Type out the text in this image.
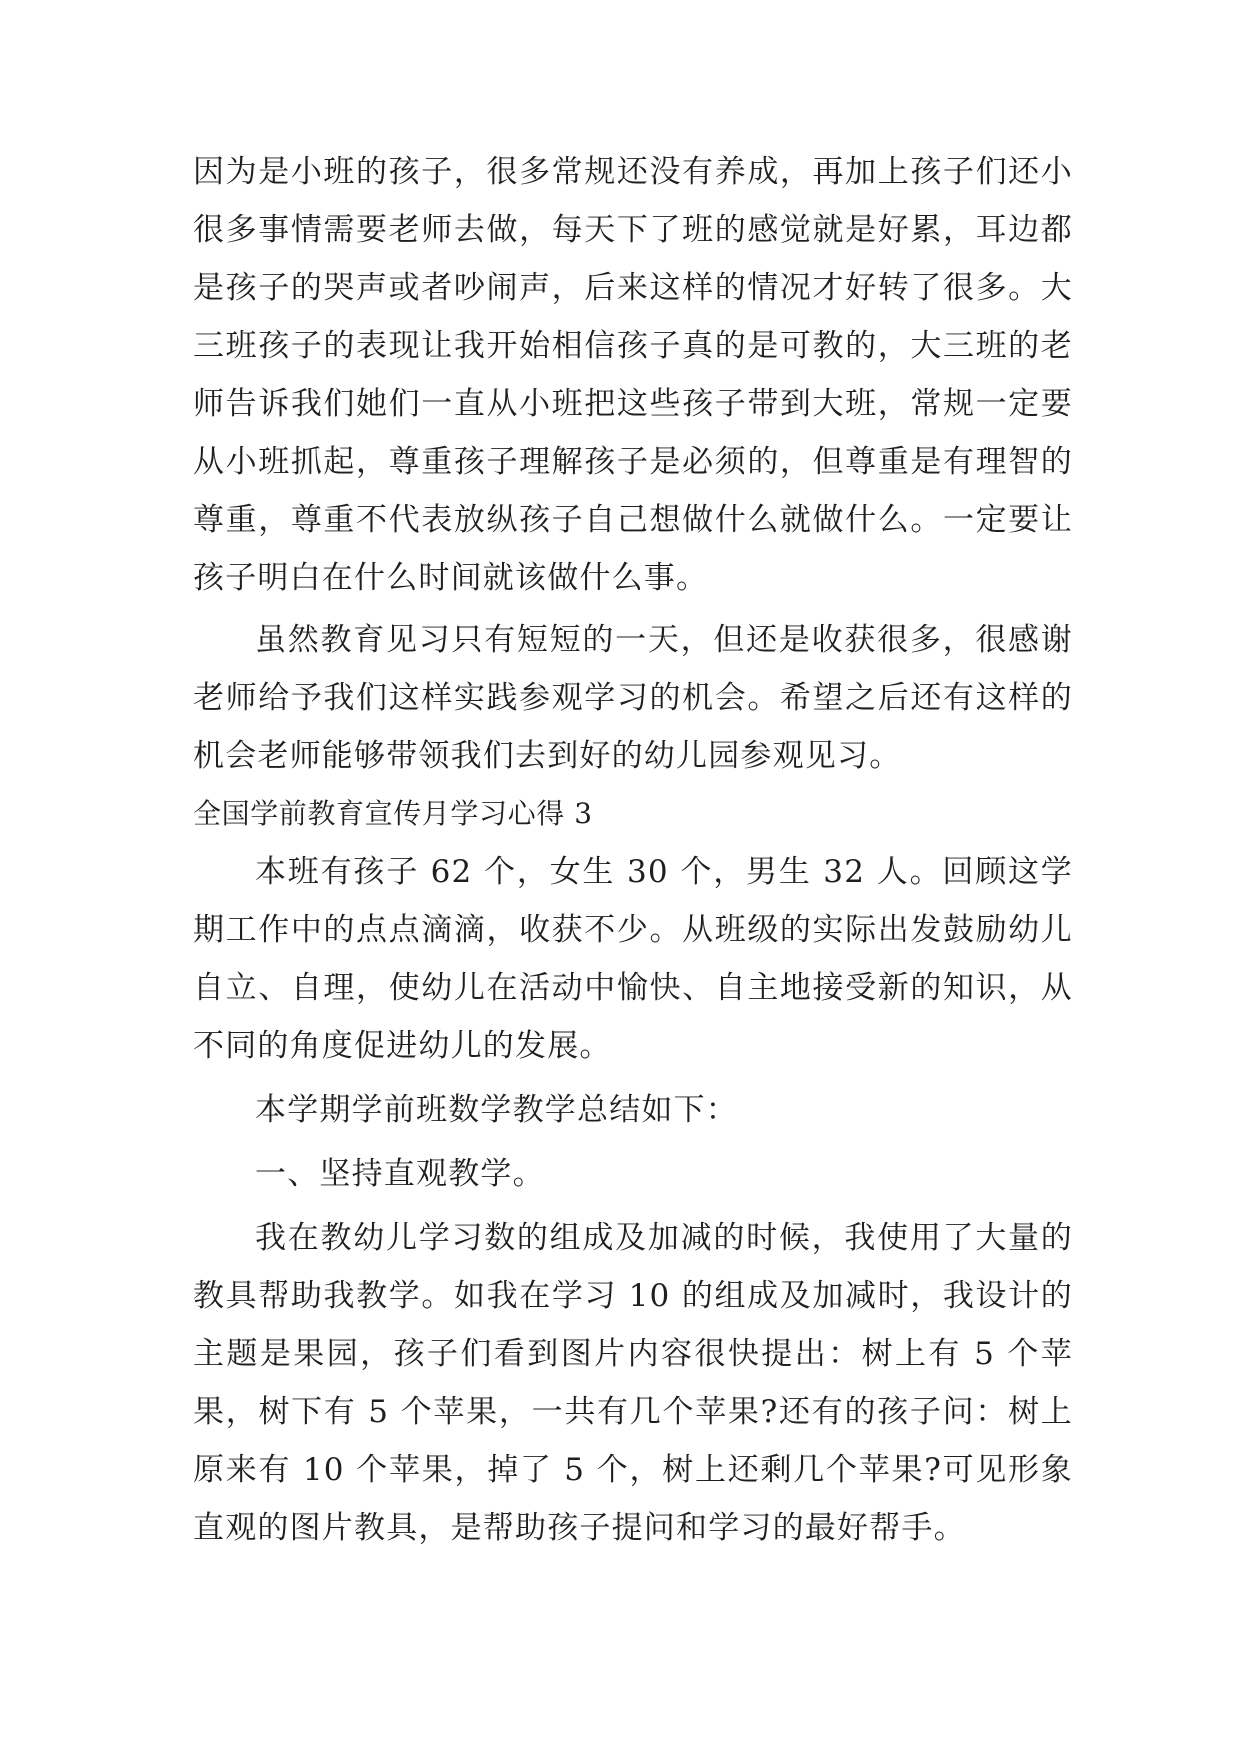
因为是小班的孩子，很多常规还没有养成，再加上孩子们还小很多事情需要老师去做，每天下了班的感觉就是好累，耳边都是孩子的哭声或者吵闹声，后来这样的情况才好转了很多。大三班孩子的表现让我开始相信孩子真的是可教的，大三班的老师告诉我们她们一直从小班把这些孩子带到大班，常规一定要从小班抓起，尊重孩子理解孩子是必须的，但尊重是有理智的尊重，尊重不代表放纵孩子自己想做什么就做什么。一定要让孩子明白在什么时间就该做什么事。

虽然教育见习只有短短的一天，但还是收获很多，很感谢老师给予我们这样实践参观学习的机会。希望之后还有这样的机会老师能够带领我们去到好的幼儿园参观见习。

全国学前教育宣传月学习心得 3

本班有孩子 62 个，女生 30 个，男生 32 人。回顾这学期工作中的点点滴滴，收获不少。从班级的实际出发鼓励幼儿自立、自理，使幼儿在活动中愉快、自主地接受新的知识，从不同的角度促进幼儿的发展。

本学期学前班数学教学总结如下：

一、坚持直观教学。

我在教幼儿学习数的组成及加减的时候，我使用了大量的教具帮助我教学。如我在学习 10 的组成及加减时，我设计的主题是果园，孩子们看到图片内容很快提出：树上有 5 个苹果，树下有 5 个苹果，一共有几个苹果?还有的孩子问：树上原来有 10 个苹果，掉了 5 个，树上还剩几个苹果?可见形象直观的图片教具，是帮助孩子提问和学习的最好帮手。
